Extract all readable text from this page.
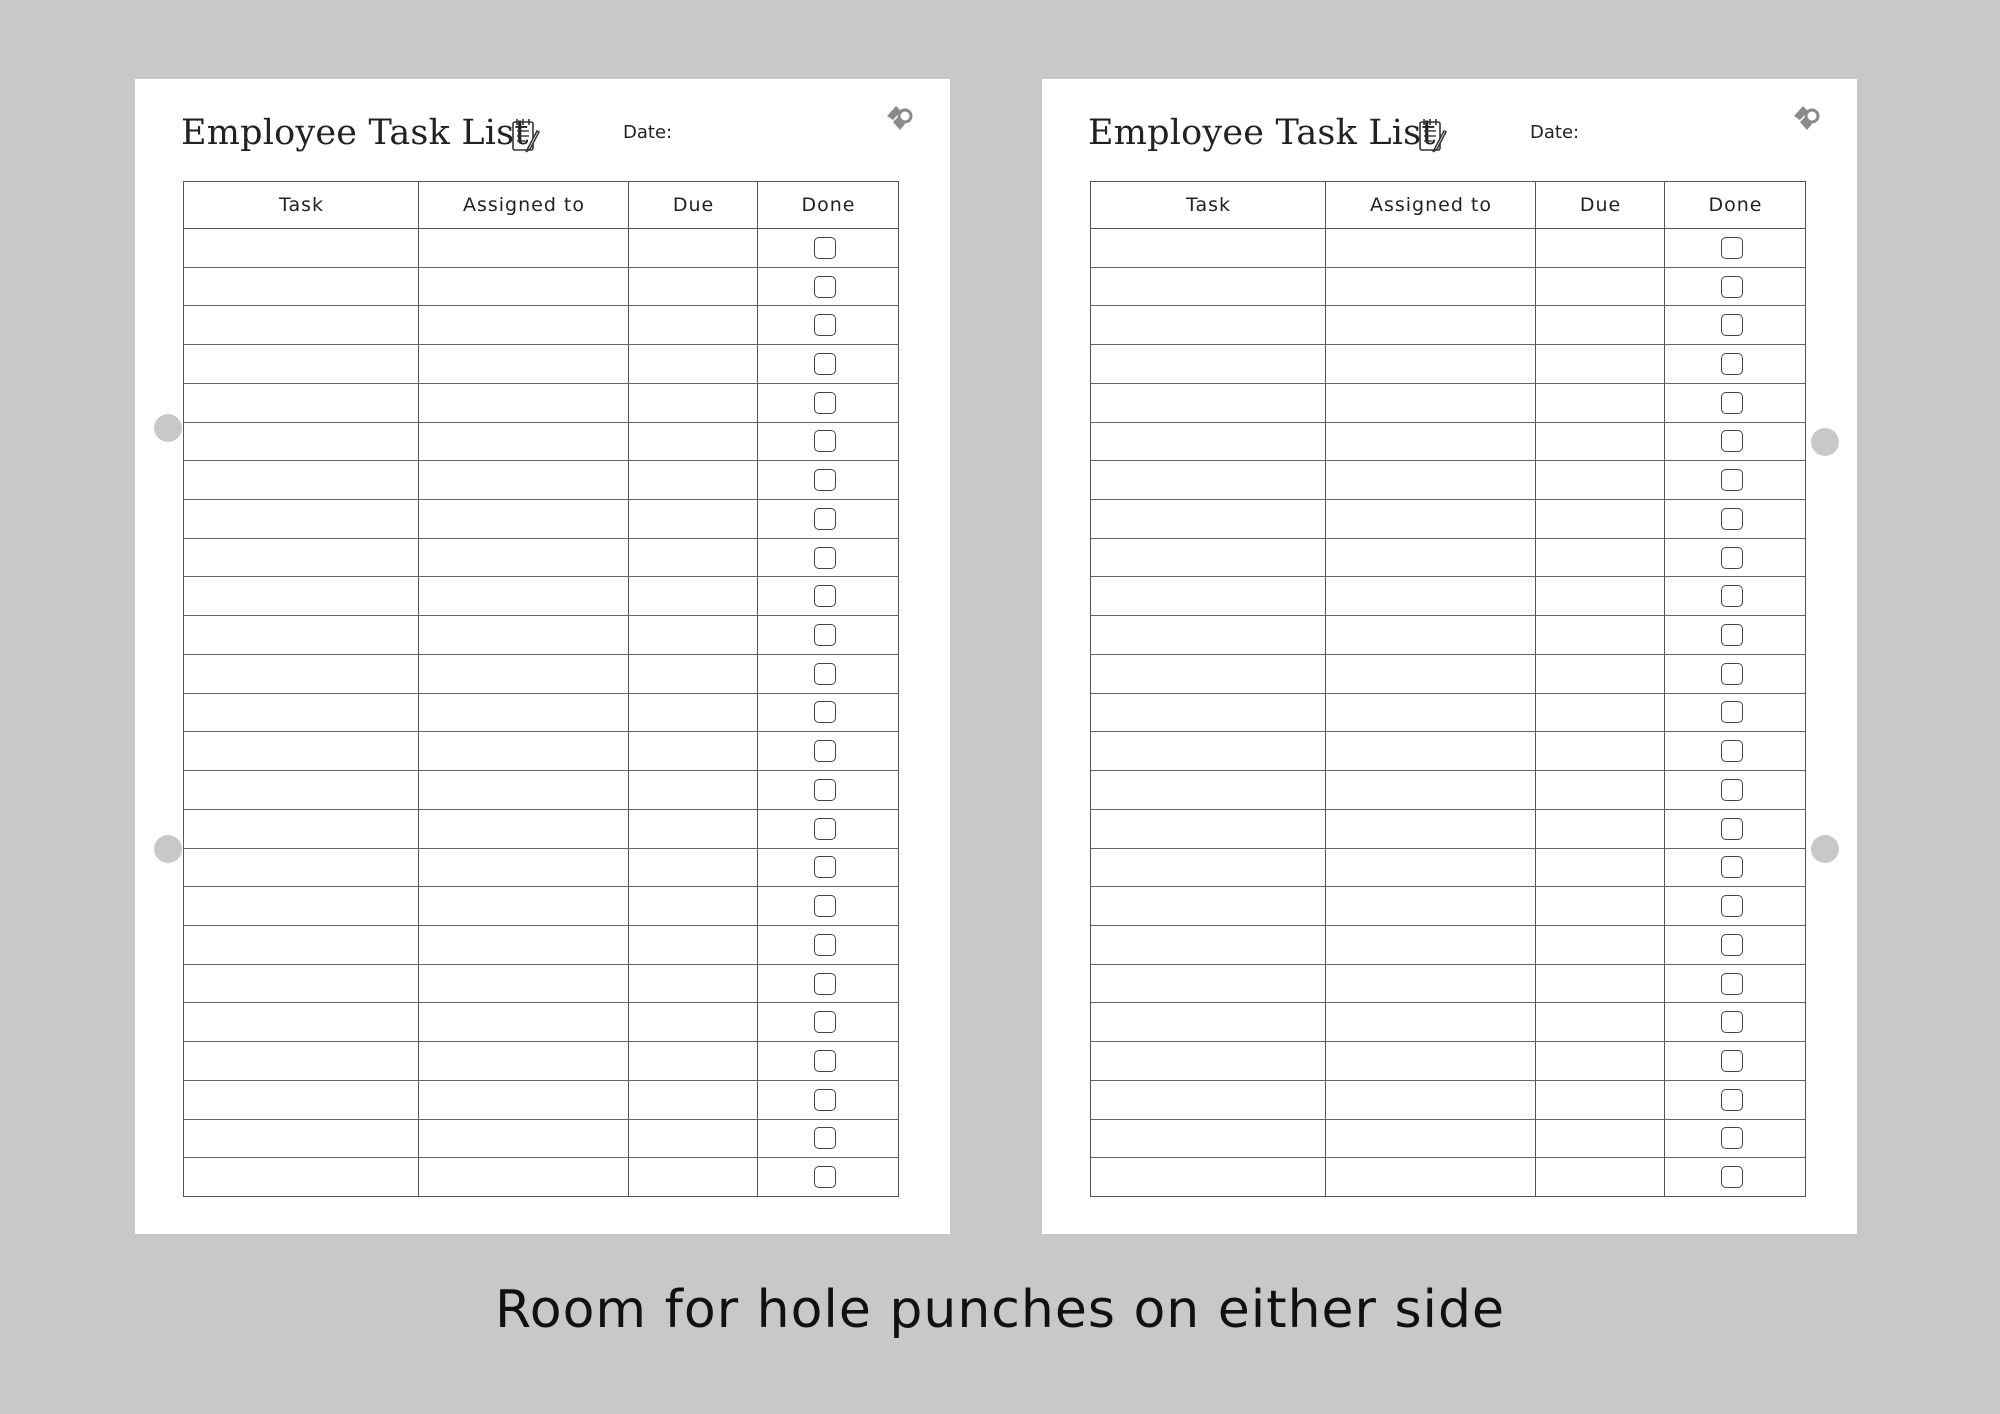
Employee Task List	Date:
Task	Assigned to	Due	Done
Employee Task List	Date:
Task	Assigned to	Due	Done
Room for hole punches on either side
